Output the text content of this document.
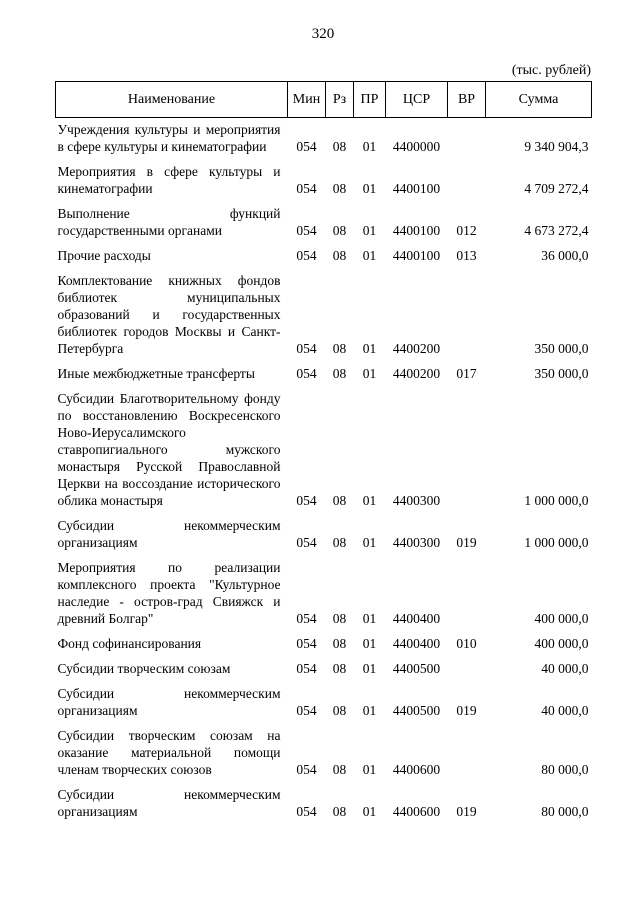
320
(тыс. рублей)
Наименование	Мин	Рз	ПР	ЦСР	ВР	Сумма
Учреждения культуры и мероприятия в сфере культуры и кинематографии	054	08	01	4400000		9 340 904,3
Мероприятия в сфере культуры и кинематографии	054	08	01	4400100		4 709 272,4
Выполнение функций государственными органами	054	08	01	4400100	012	4 673 272,4
Прочие расходы	054	08	01	4400100	013	36 000,0
Комплектование книжных фондов библиотек муниципальных образований и государственных библиотек городов Москвы и Санкт-Петербурга	054	08	01	4400200		350 000,0
Иные межбюджетные трансферты	054	08	01	4400200	017	350 000,0
Субсидии Благотворительному фонду по восстановлению Воскресенского Ново-Иерусалимского ставропигиального мужского монастыря Русской Православной Церкви на воссоздание исторического облика монастыря	054	08	01	4400300		1 000 000,0
Субсидии некоммерческим организациям	054	08	01	4400300	019	1 000 000,0
Мероприятия по реализации комплексного проекта "Культурное наследие - остров-град Свияжск и древний Болгар"	054	08	01	4400400		400 000,0
Фонд софинансирования	054	08	01	4400400	010	400 000,0
Субсидии творческим союзам	054	08	01	4400500		40 000,0
Субсидии некоммерческим организациям	054	08	01	4400500	019	40 000,0
Субсидии творческим союзам на оказание материальной помощи членам творческих союзов	054	08	01	4400600		80 000,0
Субсидии некоммерческим организациям	054	08	01	4400600	019	80 000,0
